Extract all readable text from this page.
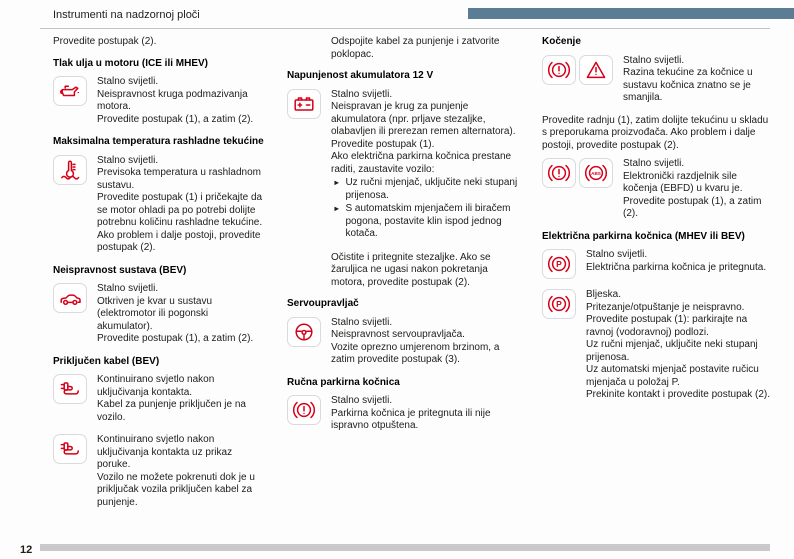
Instrumenti na nadzornoj ploči

Provedite postupak (2).

Tlak ulja u motoru (ICE ili MHEV)

Stalno svijetli.

Neispravnost kruga podmazivanja motora.

Provedite postupak (1), a zatim (2).

Maksimalna temperatura rashladne tekućine

Stalno svijetli.

Previsoka temperatura u rashladnom sustavu.

Provedite postupak (1) i pričekajte da se motor ohladi pa po potrebi dolijte potrebnu količinu rashladne tekućine. Ako problem i dalje postoji, provedite postupak (2).

Neispravnost sustava (BEV)

Stalno svijetli.

Otkriven je kvar u sustavu (elektromotor ili pogonski akumulator).

Provedite postupak (1), a zatim (2).

Priključen kabel (BEV)

Kontinuirano svjetlo nakon uključivanja kontakta.

Kabel za punjenje priključen je na vozilo.

Kontinuirano svjetlo nakon uključivanja kontakta uz prikaz poruke.

Vozilo ne možete pokrenuti dok je u priključak vozila priključen kabel za punjenje.

Odspojite kabel za punjenje i zatvorite poklopac.

Napunjenost akumulatora 12 V

Stalno svijetli.

Neispravan je krug za punjenje akumulatora (npr. prljave stezaljke, olabavljen ili prerezan remen alternatora).

Provedite postupak (1).

Ako električna parkirna kočnica prestane raditi, zaustavite vozilo:

► Uz ručni mjenjač, uključite neki stupanj prijenosa.

► S automatskim mjenjačem ili biračem pogona, postavite klin ispod jednog kotača.

Očistite i pritegnite stezaljke. Ako se žaruljica ne ugasi nakon pokretanja motora, provedite postupak (2).

Servoupravljač

Stalno svijetli.

Neispravnost servoupravljača.

Vozite oprezno umjerenom brzinom, a zatim provedite postupak (3).

Ručna parkirna kočnica

Stalno svijetli.

Parkirna kočnica je pritegnuta ili nije ispravno otpuštena.

Kočenje

Stalno svijetli.

Razina tekućine za kočnice u sustavu kočnica znatno se je smanjila.

Provedite radnju (1), zatim dolijte tekućinu u skladu s preporukama proizvođača. Ako problem i dalje postoji, provedite postupak (2).

ABS

Stalno svijetli.

Elektronički razdjelnik sile kočenja (EBFD) u kvaru je.

Provedite postupak (1), a zatim (2).

Električna parkirna kočnica (MHEV ili BEV)
P

Stalno svijetli.

Električna parkirna kočnica je pritegnuta.

P

Bljeska.

Pritezanje/otpuštanje je neispravno.

Provedite postupak (1): parkirajte na ravnoj (vodoravnoj) podlozi.

Uz ručni mjenjač, uključite neki stupanj prijenosa.

Uz automatski mjenjač postavite ručicu mjenjača u položaj P.

Prekinite kontakt i provedite postupak (2).

12
